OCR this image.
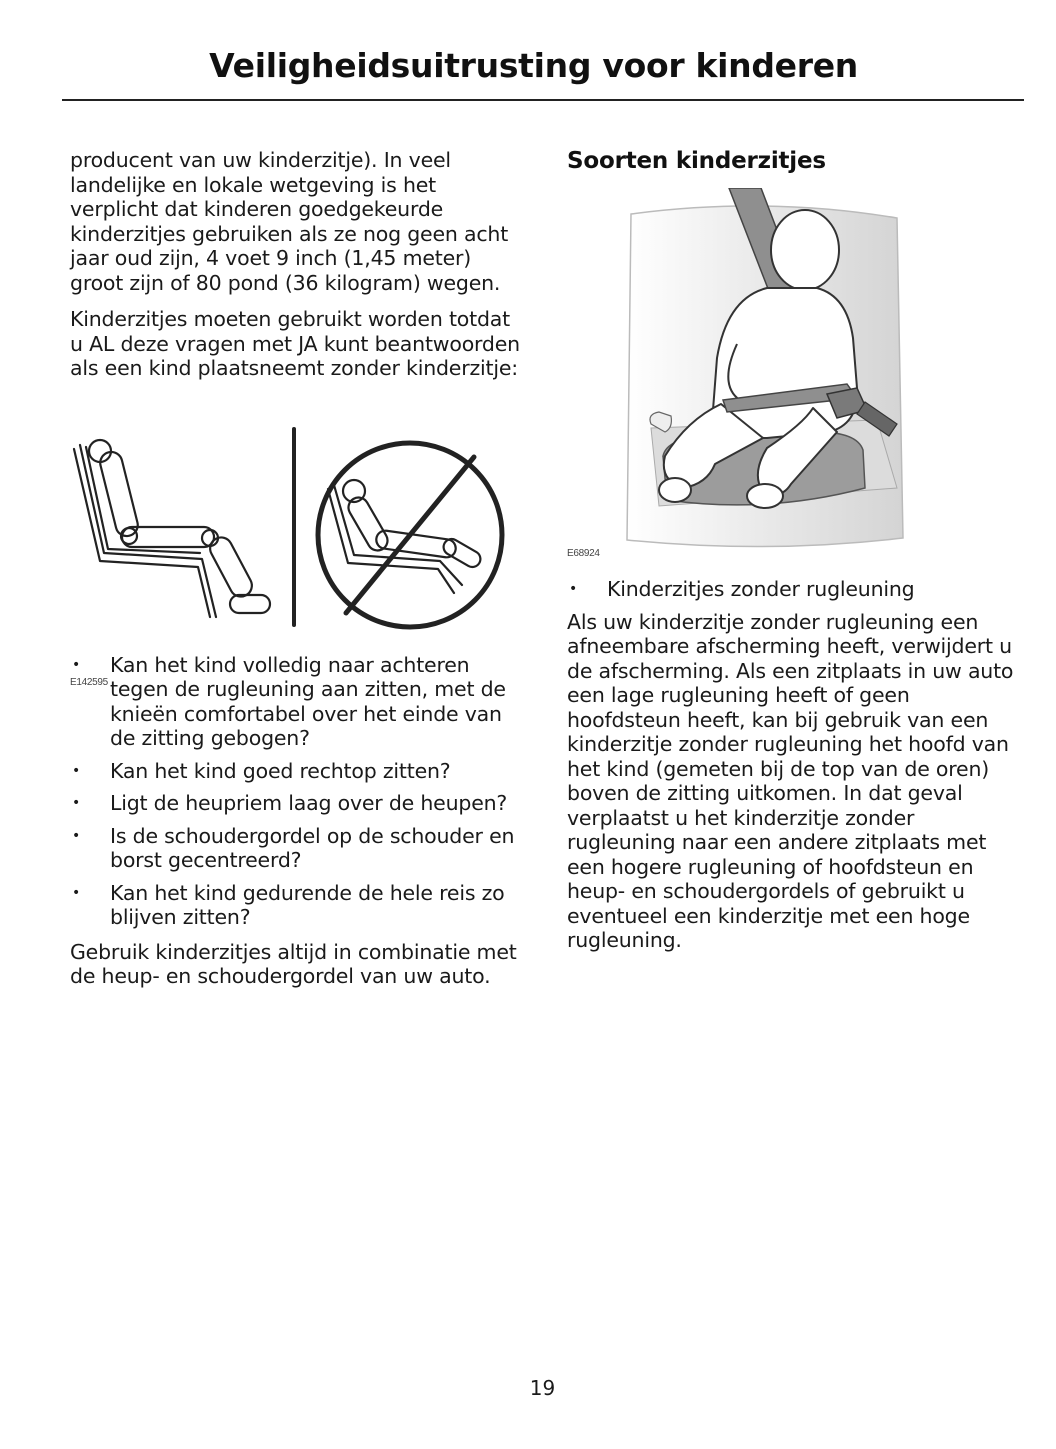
Veiligheidsuitrusting voor kinderen

producent van uw kinderzitje). In veel landelijke en lokale wetgeving is het verplicht dat kinderen goedgekeurde kinderzitjes gebruiken als ze nog geen acht jaar oud zijn, 4 voet 9 inch (1,45 meter) groot zijn of 80 pond (36 kilogram) wegen.

Kinderzitjes moeten gebruikt worden totdat u AL deze vragen met JA kunt beantwoorden als een kind plaatsneemt zonder kinderzitje:

E142595
• Kan het kind volledig naar achteren tegen de rugleuning aan zitten, met de knieën comfortabel over het einde van de zitting gebogen?
• Kan het kind goed rechtop zitten?
• Ligt de heupriem laag over de heupen?
• Is de schoudergordel op de schouder en borst gecentreerd?
• Kan het kind gedurende de hele reis zo blijven zitten?

Gebruik kinderzitjes altijd in combinatie met de heup- en schoudergordel van uw auto.

Soorten kinderzitjes
E68924
• Kinderzitjes zonder rugleuning

Als uw kinderzitje zonder rugleuning een afneembare afscherming heeft, verwijdert u de afscherming. Als een zitplaats in uw auto een lage rugleuning heeft of geen hoofdsteun heeft, kan bij gebruik van een kinderzitje zonder rugleuning het hoofd van het kind (gemeten bij de top van de oren) boven de zitting uitkomen. In dat geval verplaatst u het kinderzitje zonder rugleuning naar een andere zitplaats met een hogere rugleuning of hoofdsteun en heup- en schoudergordels of gebruikt u eventueel een kinderzitje met een hoge rugleuning.

19
